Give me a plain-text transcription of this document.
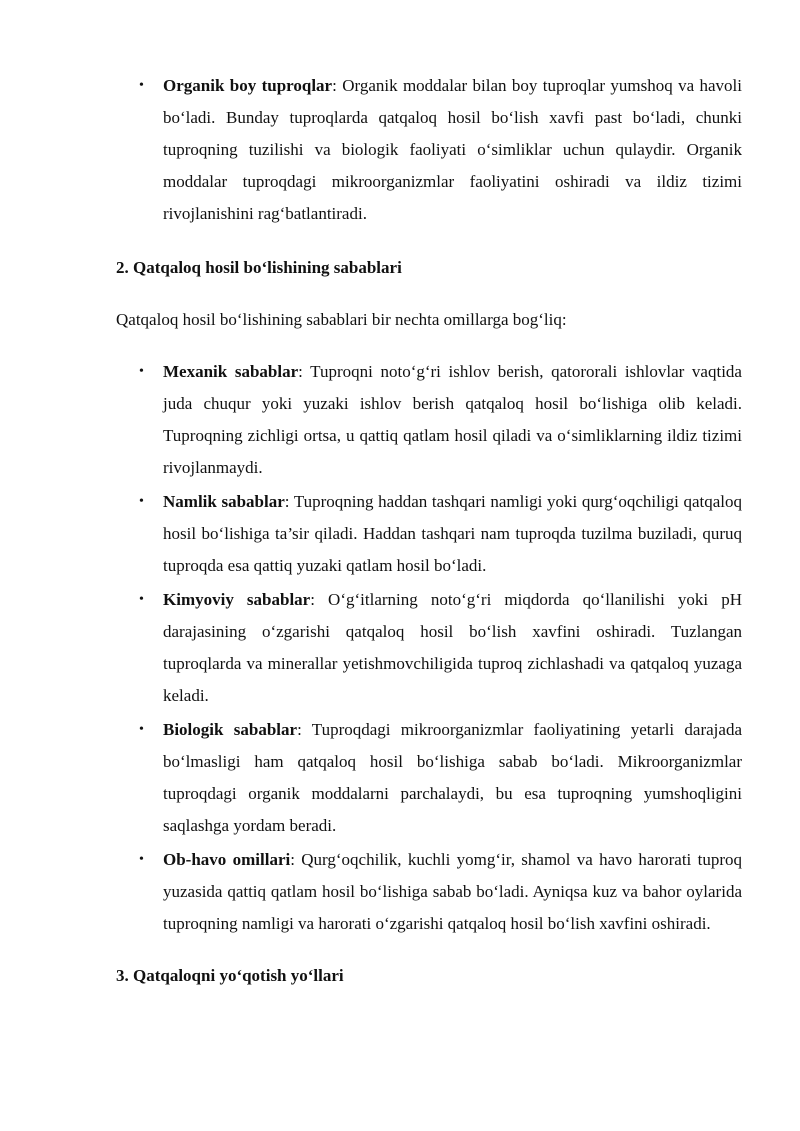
• Organik boy tuproqlar: Organik moddalar bilan boy tuproqlar yumshoq va havoli bo‘ladi. Bunday tuproqlarda qatqaloq hosil bo‘lish xavfi past bo‘ladi, chunki tuproqning tuzilishi va biologik faoliyati o‘simliklar uchun qulaydir. Organik moddalar tuproqdagi mikroorganizmlar faoliyatini oshiradi va ildiz tizimi rivojlanishini rag‘batlantiradi.
2. Qatqaloq hosil bo‘lishining sabablari

Qatqaloq hosil bo‘lishining sabablari bir nechta omillarga bog‘liq:

• Mexanik sabablar: Tuproqni noto‘g‘ri ishlov berish, qatororali ishlovlar vaqtida juda chuqur yoki yuzaki ishlov berish qatqaloq hosil bo‘lishiga olib keladi. Tuproqning zichligi ortsa, u qattiq qatlam hosil qiladi va o‘simliklarning ildiz tizimi rivojlanmaydi.
• Namlik sabablar: Tuproqning haddan tashqari namligi yoki qurg‘oqchiligi qatqaloq hosil bo‘lishiga ta’sir qiladi. Haddan tashqari nam tuproqda tuzilma buziladi, quruq tuproqda esa qattiq yuzaki qatlam hosil bo‘ladi.
• Kimyoviy sabablar: O‘g‘itlarning noto‘g‘ri miqdorda qo‘llanilishi yoki pH darajasining o‘zgarishi qatqaloq hosil bo‘lish xavfini oshiradi. Tuzlangan tuproqlarda va minerallar yetishmovchiligida tuproq zichlashadi va qatqaloq yuzaga keladi.
• Biologik sabablar: Tuproqdagi mikroorganizmlar faoliyatining yetarli darajada bo‘lmasligi ham qatqaloq hosil bo‘lishiga sabab bo‘ladi. Mikroorganizmlar tuproqdagi organik moddalarni parchalaydi, bu esa tuproqning yumshoqligini saqlashga yordam beradi.
• Ob-havo omillari: Qurg‘oqchilik, kuchli yomg‘ir, shamol va havo harorati tuproq yuzasida qattiq qatlam hosil bo‘lishiga sabab bo‘ladi. Ayniqsa kuz va bahor oylarida tuproqning namligi va harorati o‘zgarishi qatqaloq hosil bo‘lish xavfini oshiradi.
3. Qatqaloqni yo‘qotish yo‘llari
